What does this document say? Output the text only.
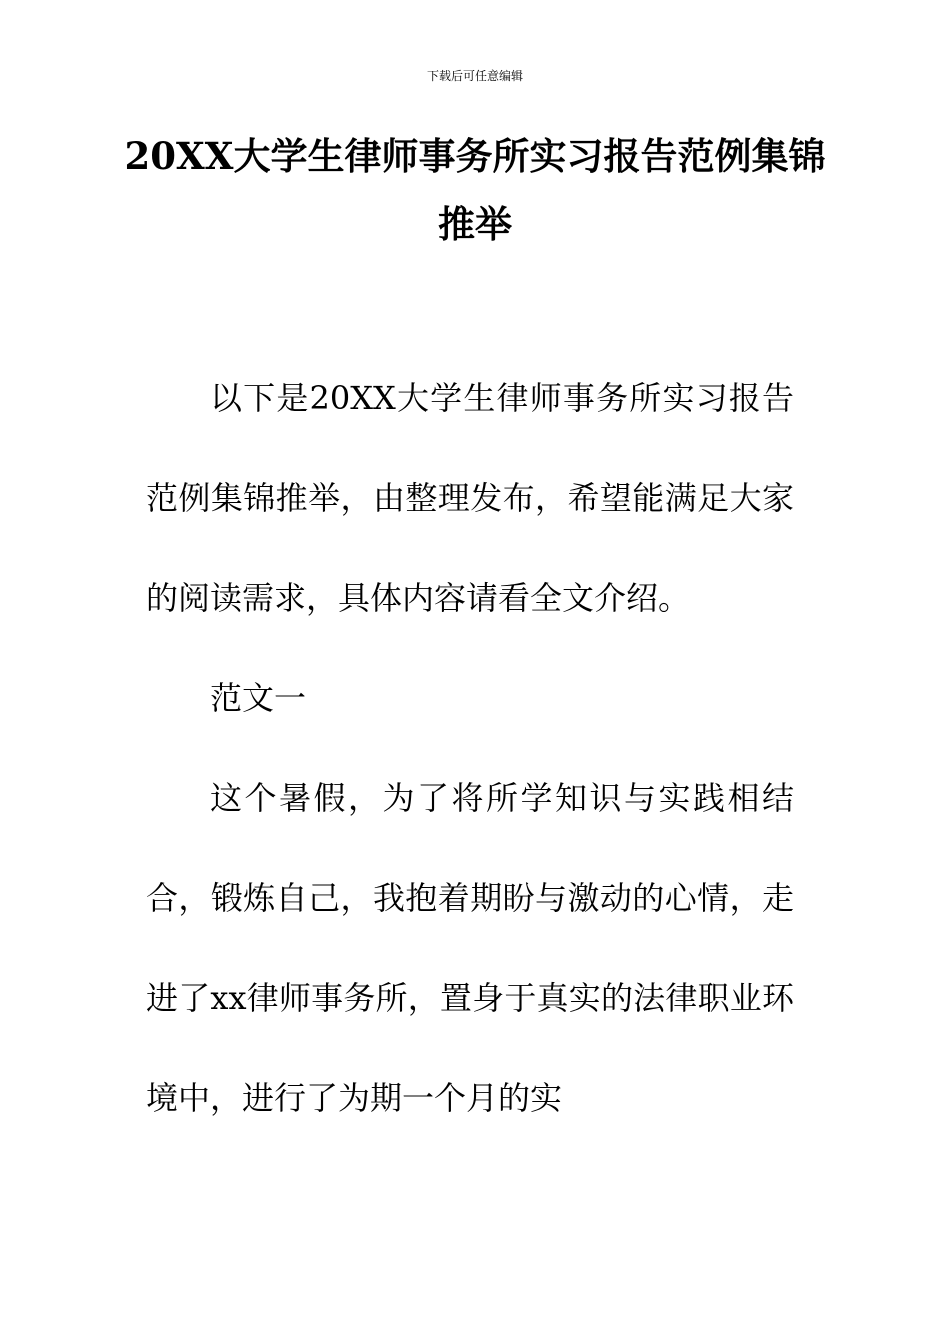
下载后可任意编辑
20XX大学生律师事务所实习报告范例集锦推举

以下是20XX大学生律师事务所实习报告范例集锦推举，由整理发布，希望能满足大家的阅读需求，具体内容请看全文介绍。

范文一

这个暑假，为了将所学知识与实践相结合，锻炼自己，我抱着期盼与激动的心情，走进了xx律师事务所，置身于真实的法律职业环境中，进行了为期一个月的实
